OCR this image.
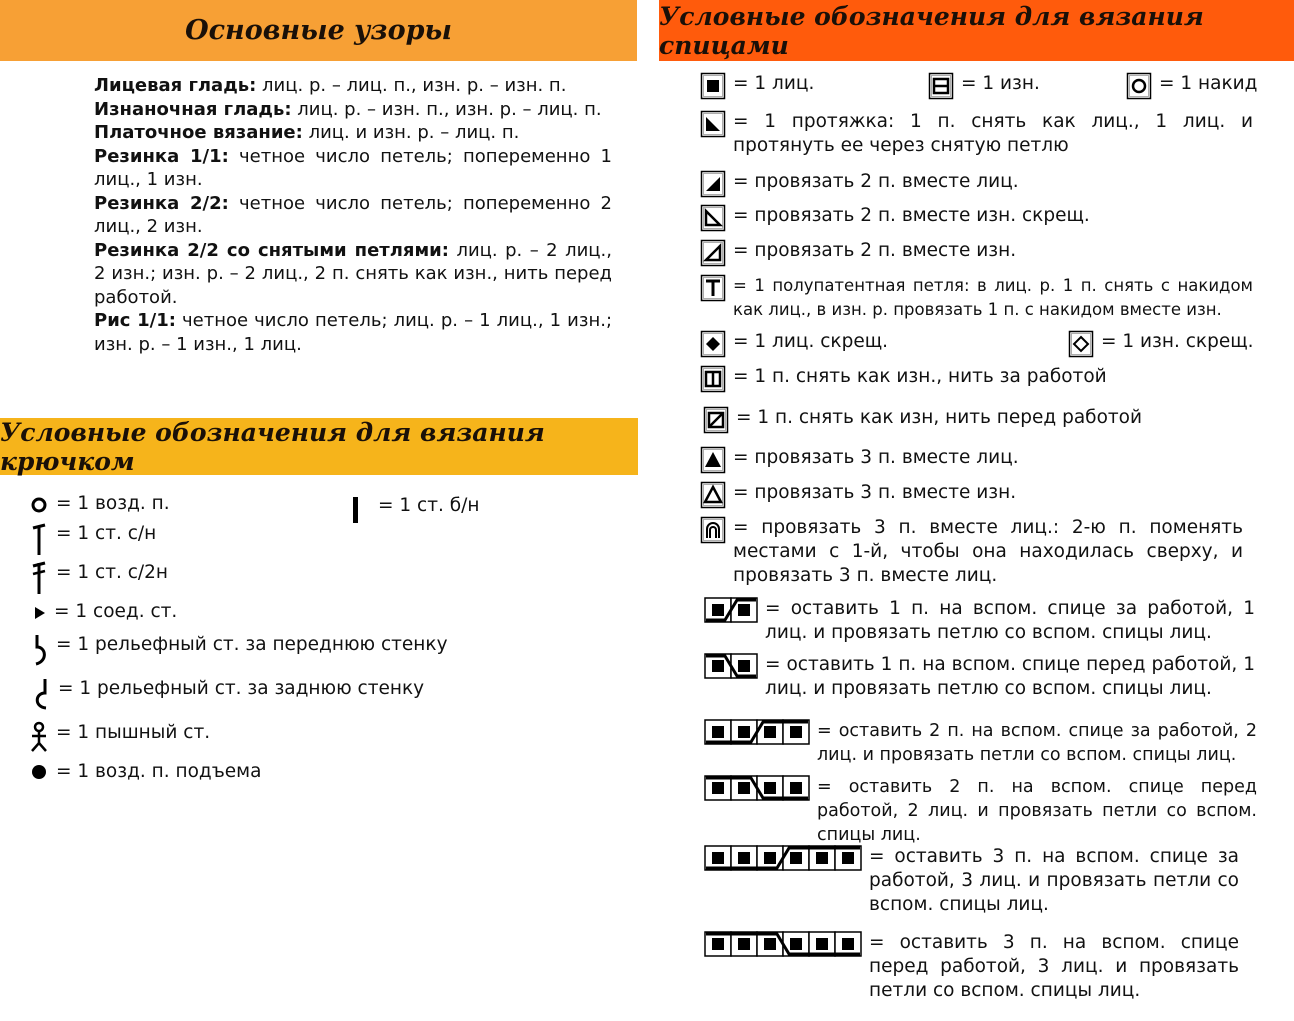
Основные узоры
Условные обозначения для вязания крючком
Условные обозначения для вязания спицами
Лицевая гладь: лиц. р. – лиц. п., изн. р. – изн. п.
Изнаночная гладь: лиц. р. – изн. п., изн. р. – лиц. п.
Платочное вязание: лиц. и изн. р. – лиц. п.
Резинка 1/1: четное число петель; попеременно 1 лиц., 1 изн.
Резинка 2/2: четное число петель; попеременно 2 лиц., 2 изн.
Резинка 2/2 со снятыми петлями: лиц. р. – 2 лиц., 2 изн.; изн. р. – 2 лиц., 2 п. снять как изн., нить перед работой.
Рис 1/1: четное число петель; лиц. р. – 1 лиц., 1 изн.; изн. р. – 1 изн., 1 лиц.
= 1 возд. п.
= 1 ст. с/н
= 1 ст. с/2н
= 1 соед. ст.
= 1 рельефный ст. за переднюю стенку
= 1 рельефный ст. за заднюю стенку
= 1 пышный ст.
= 1 возд. п. подъема
= 1 ст. б/н
= 1 лиц.	= 1 изн.	= 1 накид
= 1 протяжка: 1 п. снять как лиц., 1 лиц. и протянуть ее через снятую петлю
= провязать 2 п. вместе лиц.
= провязать 2 п. вместе изн. скрещ.
= провязать 2 п. вместе изн.
= 1 полупатентная петля: в лиц. р. 1 п. снять с накидом как лиц., в изн. р. провязать 1 п. с накидом вместе изн.
= 1 лиц. скрещ.	= 1 изн. скрещ.
= 1 п. снять как изн., нить за работой
= 1 п. снять как изн, нить перед работой
= провязать 3 п. вместе лиц.
= провязать 3 п. вместе изн.
= провязать 3 п. вместе лиц.: 2-ю п. поменять местами с 1-й, чтобы она находилась сверху, и провязать 3 п. вместе лиц.
= оставить 1 п. на вспом. спице за работой, 1 лиц. и провязать петлю со вспом. спицы лиц.
= оставить 1 п. на вспом. спице перед работой, 1 лиц. и провязать петлю со вспом. спицы лиц.
= оставить 2 п. на вспом. спице за работой, 2 лиц. и провязать петли со вспом. спицы лиц.
= оставить 2 п. на вспом. спице перед работой, 2 лиц. и провязать петли со вспом. спицы лиц.
= оставить 3 п. на вспом. спице за работой, 3 лиц. и провязать петли со вспом. спицы лиц.
= оставить 3 п. на вспом. спице перед работой, 3 лиц. и провязать петли со вспом. спицы лиц.
